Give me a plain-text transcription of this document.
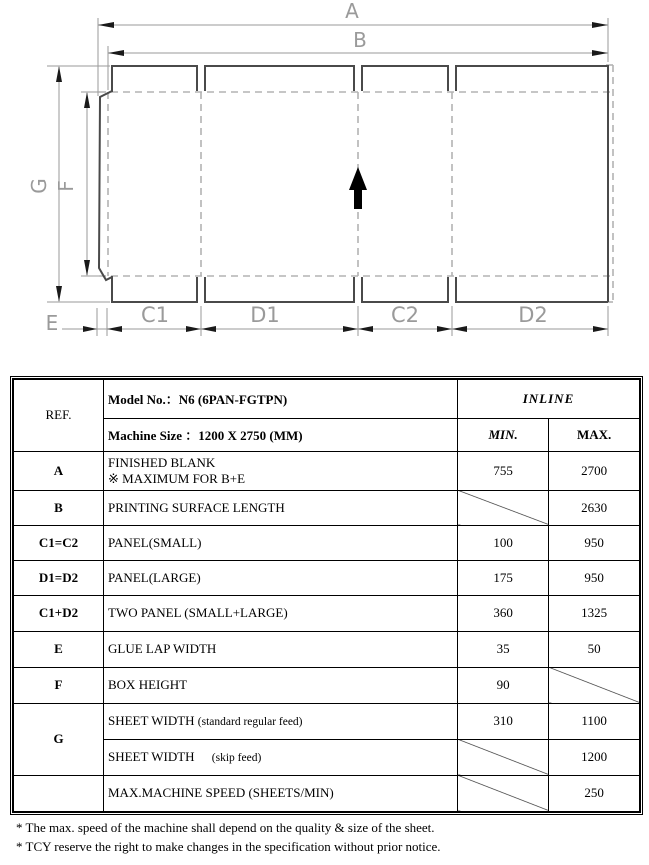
A
B
G F
E	C1	D1	C2	D2
REF.	Model No.：N6 (6PAN-FGTPN)	INLINE	
	Machine Size ：1200 X 2750 (MM)	MIN.	MAX.
A	FINISHED BLANK
※ MAXIMUM FOR B+E	755	2700
B	PRINTING SURFACE LENGTH		2630
C1=C2	PANEL(SMALL)	100	950
D1=D2	PANEL(LARGE)	175	950
C1+D2	TWO PANEL (SMALL+LARGE)	360	1325
E	GLUE LAP WIDTH	35	50
F	BOX HEIGHT	90	
G	SHEET WIDTH (standard regular feed)	310	1100
	SHEET WIDTH (skip feed)		1200
	MAX.MACHINE SPEED (SHEETS/MIN)		250
* The max. speed of the machine shall depend on the quality & size of the sheet.
* TCY reserve the right to make changes in the specification without prior notice.
